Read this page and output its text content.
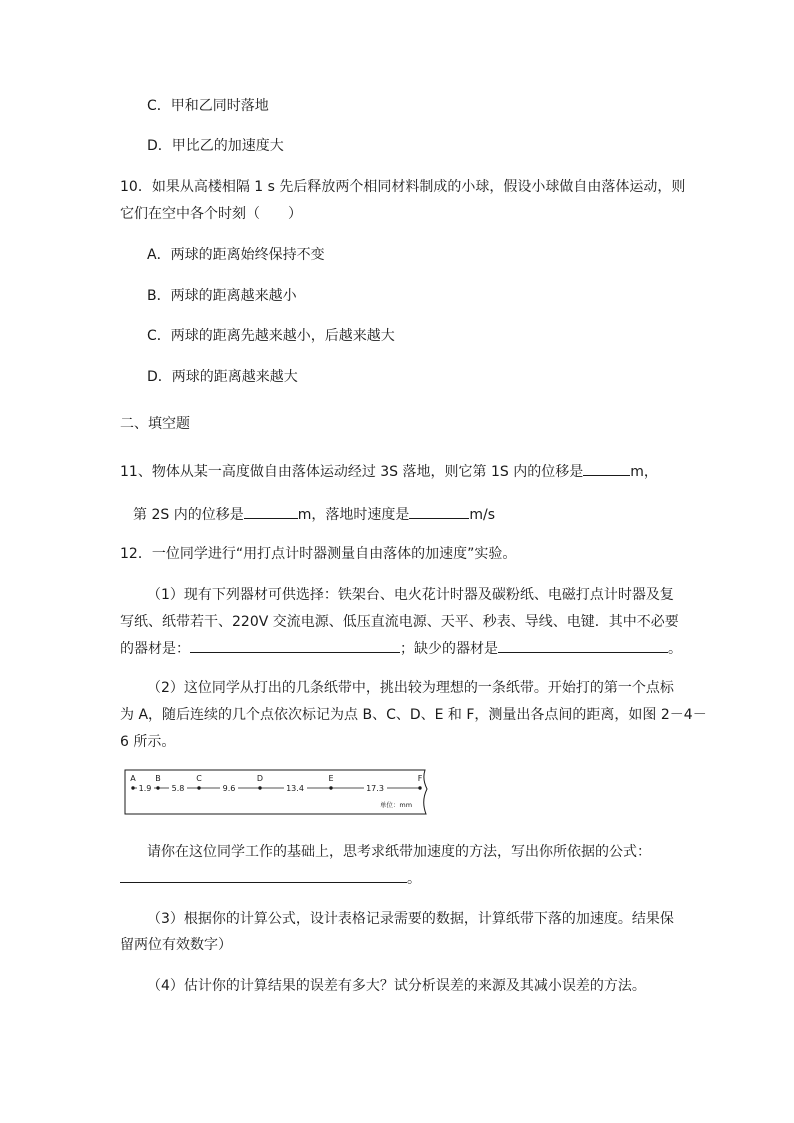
C．甲和乙同时落地
D．甲比乙的加速度大
10．如果从高楼相隔 1 s 先后释放两个相同材料制成的小球，假设小球做自由落体运动，则
它们在空中各个时刻（　　）
A．两球的距离始终保持不变
B．两球的距离越来越小
C．两球的距离先越来越小，后越来越大
D．两球的距离越来越大
二、填空题
11、物体从某一高度做自由落体运动经过 3S 落地，则它第 1S 内的位移是	m，
第 2S 内的位移是	m，落地时速度是	m/s
12．一位同学进行“用打点计时器测量自由落体的加速度”实验。
（1）现有下列器材可供选择：铁架台、电火花计时器及碳粉纸、电磁打点计时器及复
写纸、纸带若干、220V 交流电源、低压直流电源、天平、秒表、导线、电键．其中不必要
的器材是：	；缺少的器材是	。
（2）这位同学从打出的几条纸带中，挑出较为理想的一条纸带。开始打的第一个点标
为 A，随后连续的几个点依次标记为点 B、C、D、E 和 F，测量出各点间的距离，如图 2－4－
6 所示。
A B	C	D	E	F
1.9	5.8	9.6	13.4	17.3
单位：mm
请你在这位同学工作的基础上，思考求纸带加速度的方法，写出你所依据的公式：
。
（3）根据你的计算公式，设计表格记录需要的数据，计算纸带下落的加速度。结果保
留两位有效数字）
（4）估计你的计算结果的误差有多大？试分析误差的来源及其减小误差的方法。
